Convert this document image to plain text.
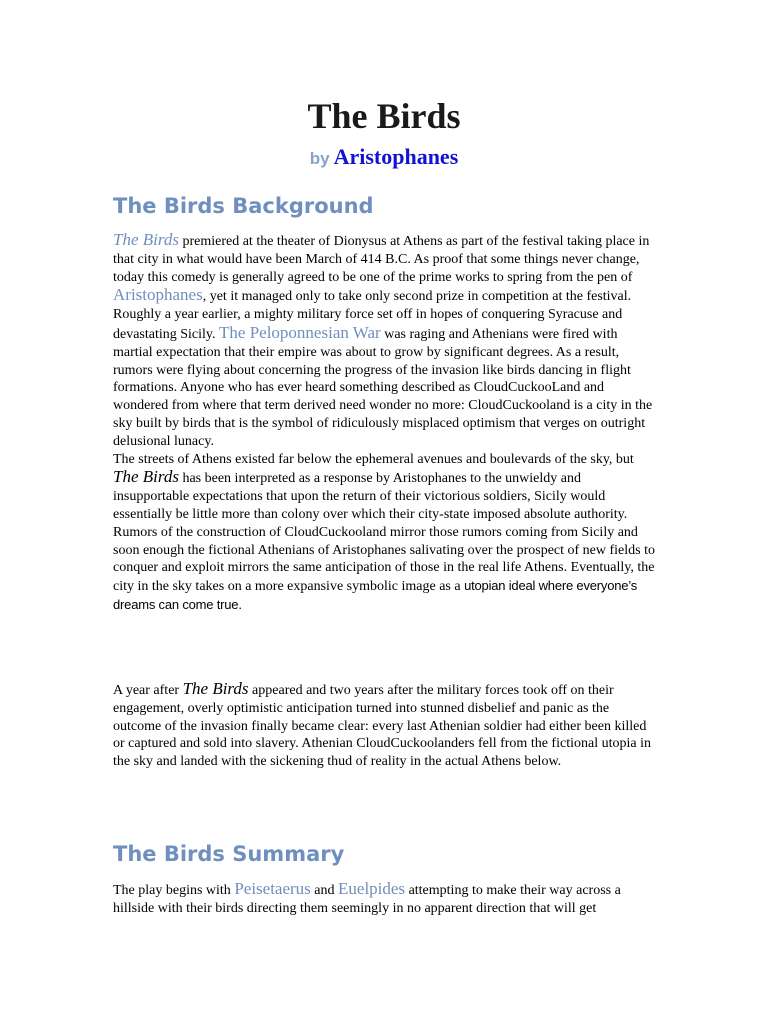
The Birds

by Aristophanes

The Birds Background
The Birds premiered at the theater of Dionysus at Athens as part of the festival taking place in that city in what would have been March of 414 B.C. As proof that some things never change, today this comedy is generally agreed to be one of the prime works to spring from the pen of Aristophanes, yet it managed only to take only second prize in competition at the festival.
Roughly a year earlier, a mighty military force set off in hopes of conquering Syracuse and devastating Sicily. The Peloponnesian War was raging and Athenians were fired with martial expectation that their empire was about to grow by significant degrees. As a result, rumors were flying about concerning the progress of the invasion like birds dancing in flight formations. Anyone who has ever heard something described as CloudCuckooLand and wondered from where that term derived need wonder no more: CloudCuckooland is a city in the sky built by birds that is the symbol of ridiculously misplaced optimism that verges on outright delusional lunacy.
The streets of Athens existed far below the ephemeral avenues and boulevards of the sky, but The Birds has been interpreted as a response by Aristophanes to the unwieldy and insupportable expectations that upon the return of their victorious soldiers, Sicily would essentially be little more than colony over which their city-state imposed absolute authority.
Rumors of the construction of CloudCuckooland mirror those rumors coming from Sicily and soon enough the fictional Athenians of Aristophanes salivating over the prospect of new fields to conquer and exploit mirrors the same anticipation of those in the real life Athens. Eventually, the city in the sky takes on a more expansive symbolic image as a utopian ideal where everyone’s dreams can come true.
A year after The Birds appeared and two years after the military forces took off on their engagement, overly optimistic anticipation turned into stunned disbelief and panic as the outcome of the invasion finally became clear: every last Athenian soldier had either been killed or captured and sold into slavery. Athenian CloudCuckoolanders fell from the fictional utopia in the sky and landed with the sickening thud of reality in the actual Athens below.
The Birds Summary
The play begins with Peisetaerus and Euelpides attempting to make their way across a hillside with their birds directing them seemingly in no apparent direction that will get
